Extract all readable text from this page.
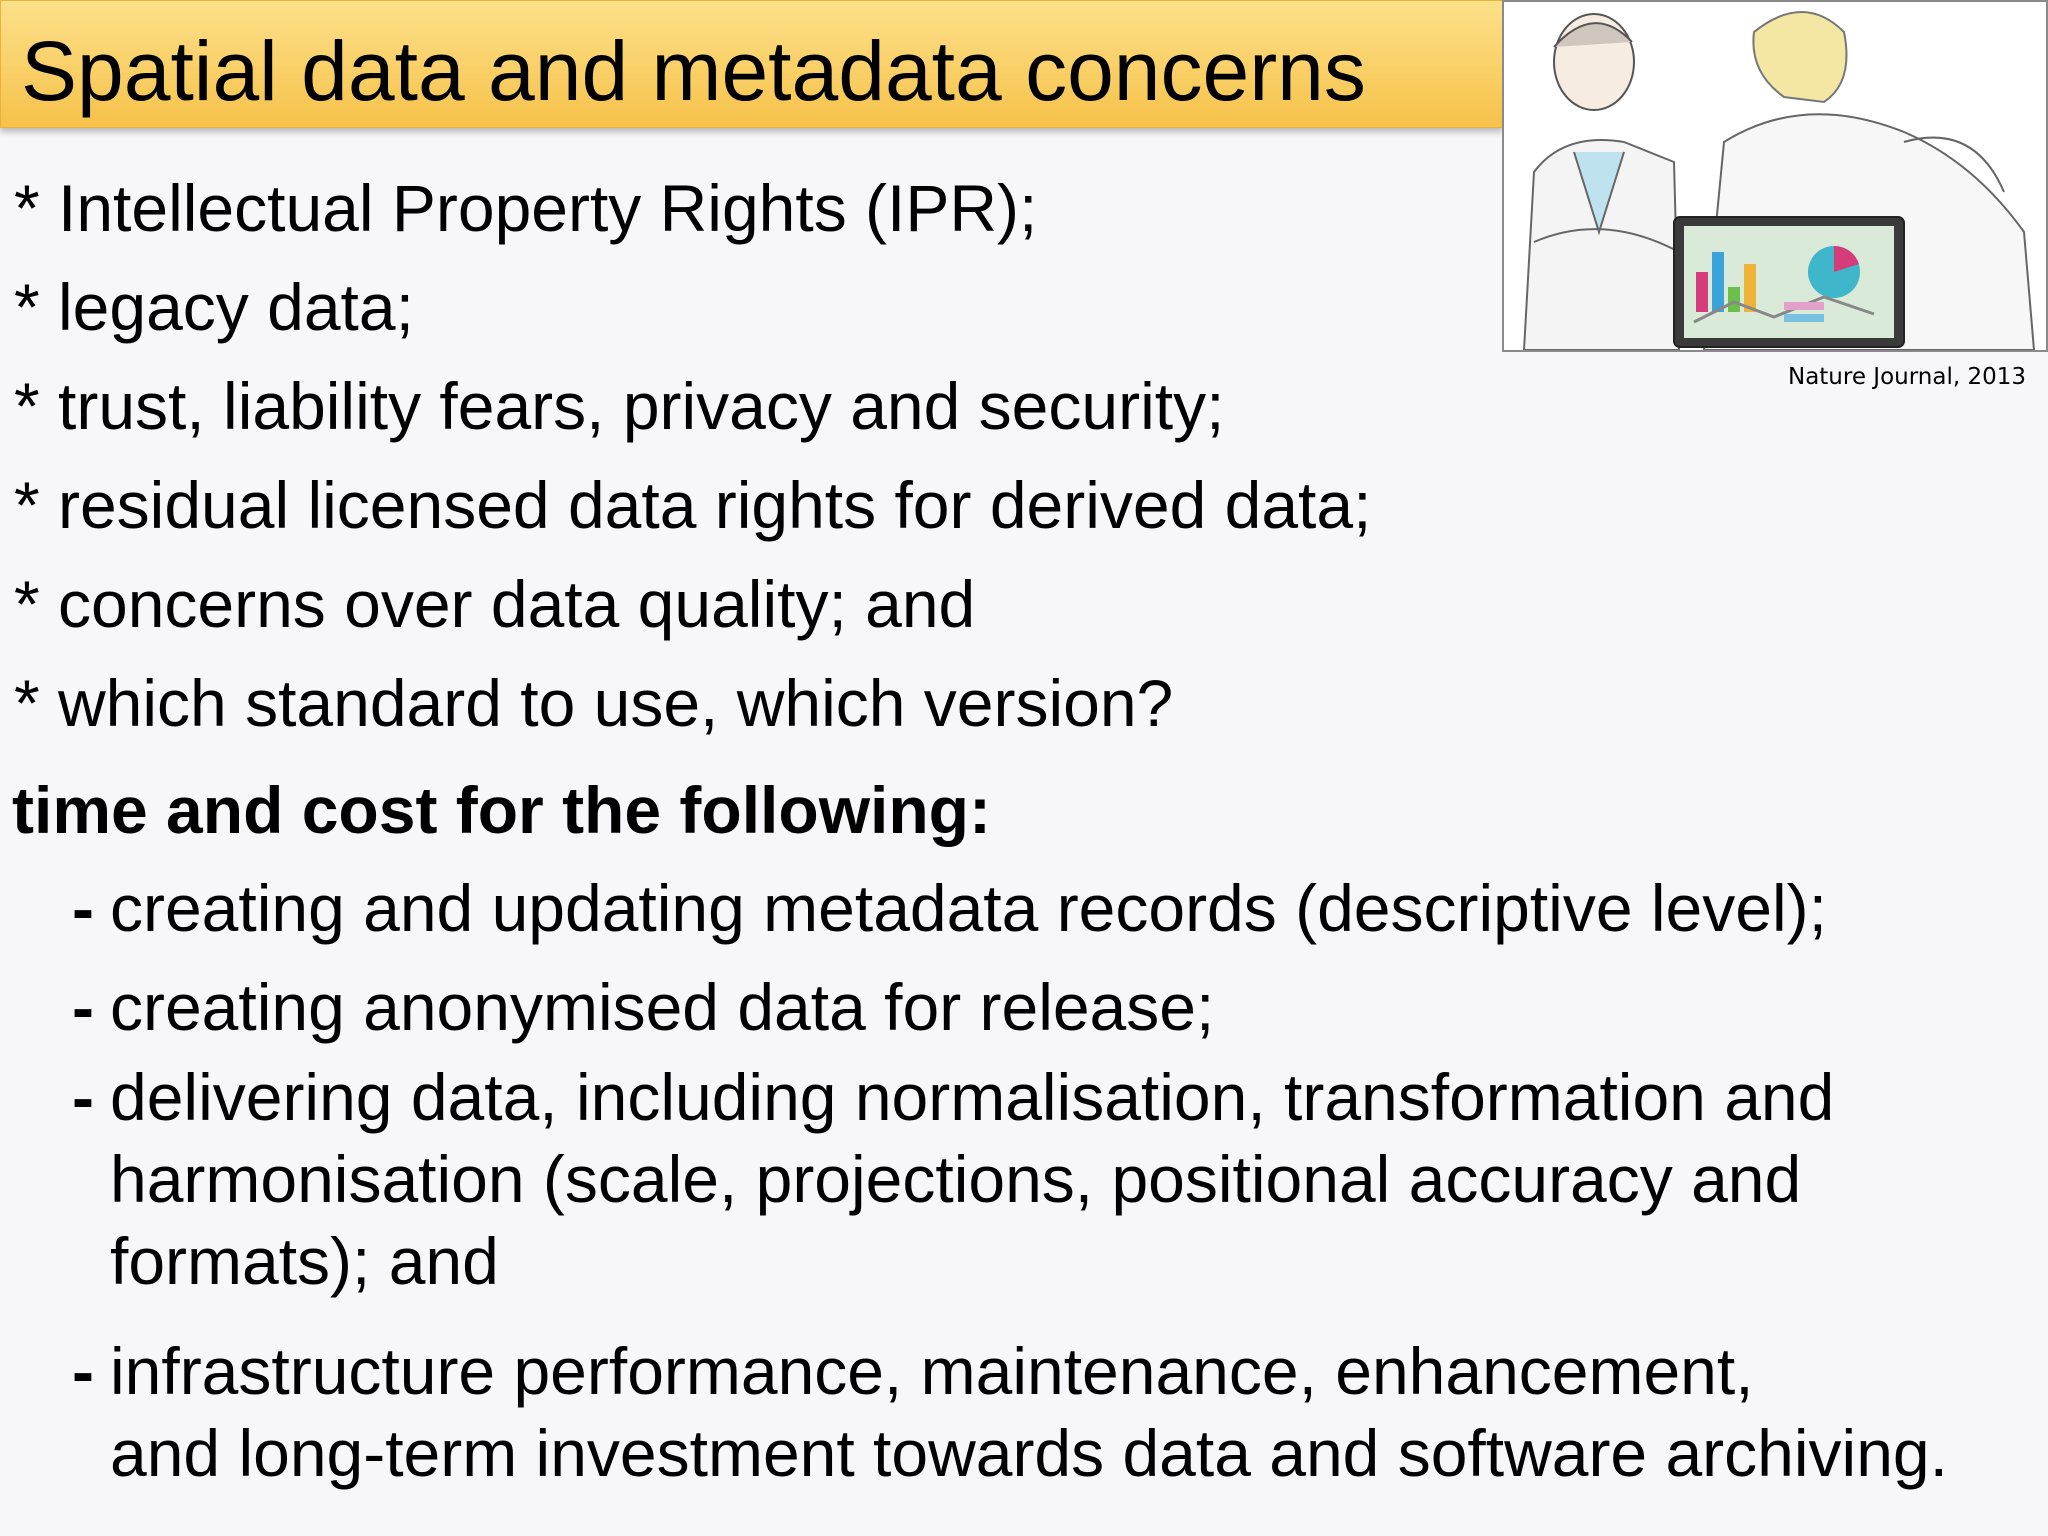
Spatial data and metadata concerns
Nature Journal, 2013
* Intellectual Property Rights (IPR);
* legacy data;
* trust, liability fears, privacy and security;
* residual licensed data rights for derived data;
* concerns over data quality; and
* which standard to use, which version?
time and cost for the following:
- creating and updating metadata records (descriptive level);
- creating anonymised data for release;
- delivering data, including normalisation, transformation and
harmonisation (scale, projections, positional accuracy and
formats); and
- infrastructure performance, maintenance, enhancement,
and long-term investment towards data and software archiving.
